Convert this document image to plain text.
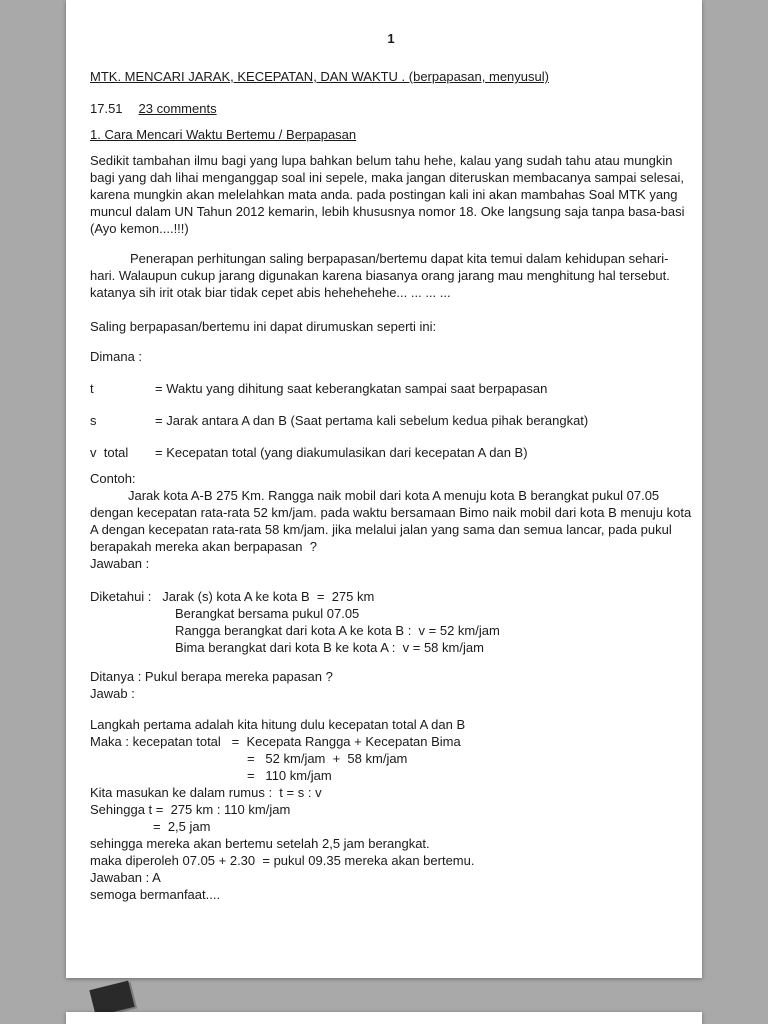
1
MTK. MENCARI JARAK, KECEPATAN, DAN WAKTU . (berpapasan, menyusul)
17.51 23 comments
1. Cara Mencari Waktu Bertemu / Berpapasan
Sedikit tambahan ilmu bagi yang lupa bahkan belum tahu hehe, kalau yang sudah tahu atau mungkin bagi yang dah lihai menganggap soal ini sepele, maka jangan diteruskan membacanya sampai selesai, karena mungkin akan melelahkan mata anda. pada postingan kali ini akan mambahas Soal MTK yang muncul dalam UN Tahun 2012 kemarin, lebih khususnya nomor 18. Oke langsung saja tanpa basa-basi (Ayo kemon....!!!)
Penerapan perhitungan saling berpapasan/bertemu dapat kita temui dalam kehidupan sehari-hari. Walaupun cukup jarang digunakan karena biasanya orang jarang mau menghitung hal tersebut. katanya sih irit otak biar tidak cepet abis hehehehehe... ... ... ...
Saling berpapasan/bertemu ini dapat dirumuskan seperti ini:
Dimana :
t	= Waktu yang dihitung saat keberangkatan sampai saat berpapasan
s	= Jarak antara A dan B (Saat pertama kali sebelum kedua pihak berangkat)
v  total	= Kecepatan total (yang diakumulasikan dari kecepatan A dan B)
Contoh:
Jarak kota A-B 275 Km. Rangga naik mobil dari kota A menuju kota B berangkat pukul 07.05 dengan kecepatan rata-rata 52 km/jam. pada waktu bersamaan Bimo naik mobil dari kota B menuju kota A dengan kecepatan rata-rata 58 km/jam. jika melalui jalan yang sama dan semua lancar, pada pukul berapakah mereka akan berpapasan  ?
Jawaban :
Diketahui :   Jarak (s) kota A ke kota B  =  275 km
Berangkat bersama pukul 07.05
Rangga berangkat dari kota A ke kota B :  v = 52 km/jam
Bima berangkat dari kota B ke kota A :  v = 58 km/jam
Ditanya : Pukul berapa mereka papasan ?
Jawab :
Langkah pertama adalah kita hitung dulu kecepatan total A dan B
Maka : kecepatan total   =  Kecepata Rangga + Kecepatan Bima
=   52 km/jam  +  58 km/jam
=   110 km/jam
Kita masukan ke dalam rumus :  t = s : v
Sehingga t =  275 km : 110 km/jam
=  2,5 jam
sehingga mereka akan bertemu setelah 2,5 jam berangkat.
maka diperoleh 07.05 + 2.30  = pukul 09.35 mereka akan bertemu.
Jawaban : A
semoga bermanfaat....
